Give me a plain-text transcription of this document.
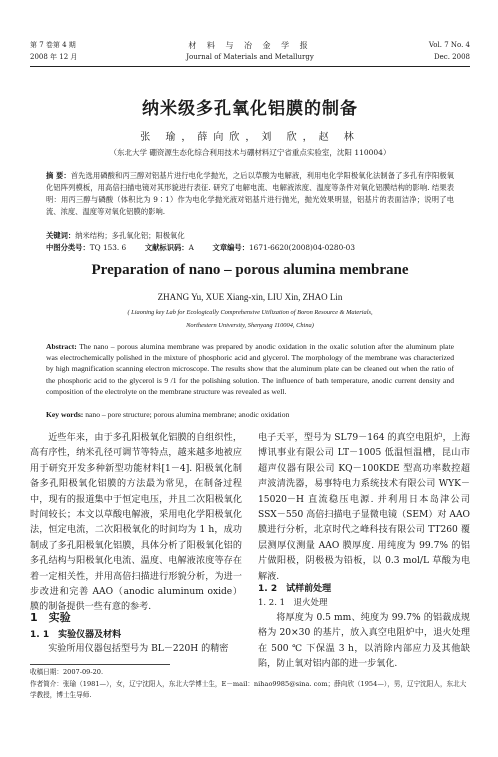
第 7 卷第 4 期
2008 年 12 月
材 料 与 冶 金 学 报
Journal of Materials and Metallurgy
Vol. 7 No. 4
Dec. 2008
纳米级多孔氧化铝膜的制备
张 瑜，薛向欣，刘 欣，赵 林
（东北大学 硼资源生态化综合利用技术与硼材料辽宁省重点实验室，沈阳 110004）
摘 要：首先选用磷酸和丙三醇对铝基片进行电化学抛光，之后以草酸为电解液，利用电化学阳极氧化法制备了多孔有序阳极氧化铝阵列模板，用高倍扫描电镜对其形貌进行表征. 研究了电解电流、电解液浓度、温度等条件对氧化铝膜结构的影响. 结果表明：用丙三醇与磷酸（体积比为 9∶1）作为电化学抛光液对铝基片进行抛光，抛光效果明显，铝基片的表面洁净；说明了电流、浓度、温度等对氧化铝膜的影响.
关键词：纳米结构；多孔氧化铝；阳极氧化
中图分类号：TQ 153. 6	文献标识码：A	文章编号：1671-6620(2008)04-0280-03
Preparation of nano – porous alumina membrane
ZHANG Yu, XUE Xiang-xin, LIU Xin, ZHAO Lin
( Liaoning key Lab for Ecologically Comprehensive Utilization of Boron Resource & Materials,
Northestern University, Shenyang 110004, China)
Abstract: The nano – porous alumina membrane was prepared by anodic oxidation in the oxalic solution after the aluminum plate was electrochemically polished in the mixture of phosphoric acid and glycerol. The morphology of the membrane was characterized by high magnification scanning electron microscope. The results show that the aluminum plate can be cleaned out when the ratio of the phosphoric acid to the glycerol is 9 /1 for the polishing solution. The influence of bath temperature, anodic current density and composition of the electrolyte on the membrane structure was revealed as well.
Key words: nano – pore structure; porous alumina membrane; anodic oxidation
近些年来，由于多孔阳极氧化铝膜的自组织性，高有序性，纳米孔径可调节等特点，越来越多地被应用于研究开发多种新型功能材料[1－4]. 阳极氧化制备多孔阳极氧化铝膜的方法最为常见，在制备过程中，现有的报道集中于恒定电压，并且二次阳极氧化时间较长；本文以草酸电解液，采用电化学阳极氧化法，恒定电流，二次阳极氧化的时间均为 1 h，成功制成了多孔阳极氧化铝膜，具体分析了阳极氧化铝的多孔结构与阳极氧化电流、温度、电解液浓度等存在着一定相关性，并用高倍扫描进行形貌分析，为进一步改进和完善 AAO（anodic aluminum oxide）膜的制备提供一些有意的参考.
1　实验
1. 1　实验仪器及材料
实验所用仪器包括型号为 BL－220H 的精密
电子天平，型号为 SL79－164 的真空电阻炉，上海博讯事业有限公司 LT－1005 低温恒温槽，昆山市超声仪器有限公司 KQ－100KDE 型高功率数控超声波清洗器，易事特电力系统技术有限公司 WYK－15020－H 直流稳压电源. 并利用日本岛津公司 SSX－550 高倍扫描电子显微电镜（SEM）对 AAO 膜进行分析，北京时代之峰科技有限公司 TT260 覆层测厚仪测量 AAO 膜厚度. 用纯度为 99.7% 的铝片做阳极，阴极极为铅板，以 0.3 mol/L 草酸为电解液.
1. 2　试样前处理
1. 2. 1　退火处理
将厚度为 0.5 mm、纯度为 99.7% 的铝裁成规格为 20×30 的基片，放入真空电阻炉中，退火处理在 500 ℃ 下保温 3 h，以消除内部应力及其他缺陷，防止氧对铝内部的进一步氧化.
收稿日期：2007-09-20.
作者简介：张瑜（1981—），女，辽宁沈阳人，东北大学博士生，E－mail：nihao9985@sina. com；薛向欣（1954—），男，辽宁沈阳人，东北大学教授，博士生导师.
